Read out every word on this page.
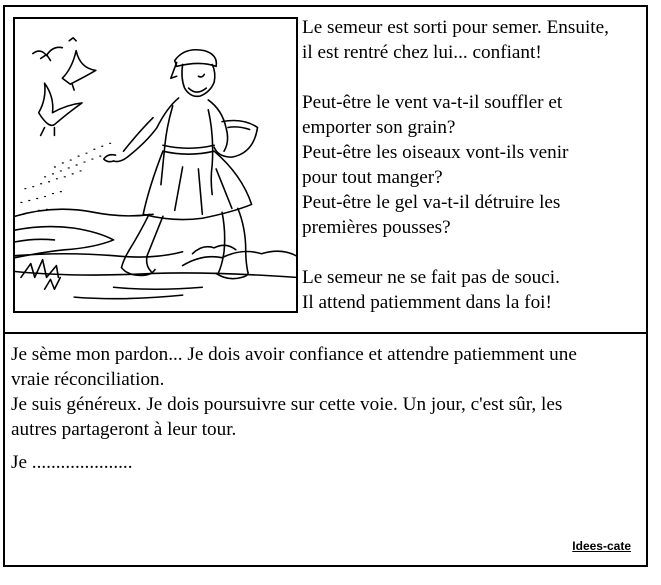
Le semeur est sorti pour semer. Ensuite,

il est rentré chez lui... confiant!

Peut-être le vent va-t-il souffler et

emporter son grain?

Peut-être les oiseaux vont-ils venir

pour tout manger?

Peut-être le gel va-t-il détruire les

premières pousses?

Le semeur ne se fait pas de souci.

Il attend patiemment dans la foi!

Je sème mon pardon... Je dois avoir confiance et attendre patiemment une

vraie réconciliation.

Je suis généreux. Je dois poursuivre sur cette voie. Un jour, c'est sûr, les

autres partageront à leur tour.

Je .....................

Idees-cate
